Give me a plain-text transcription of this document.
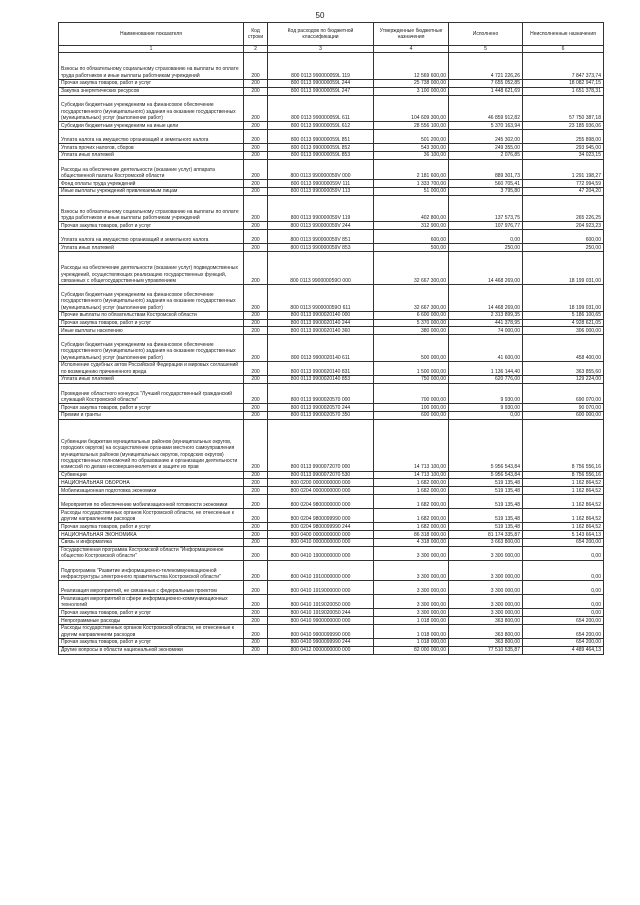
50
Наименование показателя	Код строки	Код расходов по бюджетной классификации	Утвержденные бюджетные назначения	Исполнено	Неисполненные назначения
1	2	3	4	5	6
Взносы по обязательному социальному страхованию на выплаты по оплате труда работников и иные выплаты работникам учреждений	200	800 0113 990000059L 119	12 569 600,00	4 721 226,26	7 847 373,74
Прочая закупка товаров, работ и услуг	200	800 0113 990000059L 244	25 738 000,00	7 655 052,85	18 082 947,15
Закупка энергетических ресурсов	200	800 0113 990000059L 247	3 100 000,00	1 448 621,69	1 651 378,31
Субсидии бюджетным учреждениям на финансовое обеспечение государственного (муниципального) задания на оказание государственных (муниципальных) услуг (выполнение работ)	200	800 0113 990000059L 611	104 609 300,00	46 859 912,82	57 750 387,18
Субсидии бюджетным учреждениям на иные цели	200	800 0113 990000059L 612	28 556 100,00	5 370 163,94	23 185 936,06
Уплата налога на имущество организаций и земельного налога	200	800 0113 990000059L 851	501 200,00	245 302,00	255 898,00
Уплата прочих налогов, сборов	200	800 0113 990000059L 852	543 300,00	249 355,00	293 945,00
Уплата иных платежей	200	800 0113 990000059L 853	36 100,00	2 076,85	34 023,15
Расходы на обеспечение деятельности (оказание услуг) аппарата общественной палаты Костромской области	200	800 0113 990000059V 000	2 181 600,00	889 301,73	1 291 198,27
Фонд оплаты труда учреждений	200	800 0113 990000059V 111	1 333 700,00	560 705,41	772 994,59
Иные выплаты учреждений привлекаемым лицам	200	800 0113 990000059V 113	51 000,00	3 795,80	47 204,20
Взносы по обязательному социальному страхованию на выплаты по оплате труда работников и иные выплаты работникам учреждений	200	800 0113 990000059V 119	402 800,00	137 573,75	265 226,25
Прочая закупка товаров, работ и услуг	200	800 0113 990000059V 244	312 900,00	107 976,77	204 923,23
Уплата налога на имущество организаций и земельного налога	200	800 0113 990000059V 851	600,00	0,00	600,00
Уплата иных платежей	200	800 0113 990000059V 853	500,00	250,00	250,00
Расходы на обеспечение деятельности (оказание услуг) подведомственных учреждений, осуществляющих реализацию государственных функций, связанных с общегосударственным управлением	200	800 0113 990000059О 000	32 667 300,00	14 468 269,00	18 199 031,00
Субсидии бюджетным учреждениям на финансовое обеспечение государственного (муниципального) задания на оказание государственных (муниципальных) услуг (выполнение работ)	200	800 0113 990000059О 611	32 667 300,00	14 468 269,00	18 199 031,00
Прочие выплаты по обязательствам Костромской области	200	800 0113 9900020140 000	6 600 000,00	2 313 899,35	5 186 100,65
Прочая закупка товаров, работ и услуг	200	800 0113 9900020140 244	5 370 000,00	441 378,95	4 928 621,05
Иные выплаты населению	200	800 0113 9900020140 360	380 000,00	74 000,00	306 000,00
Субсидии бюджетным учреждениям на финансовое обеспечение государственного (муниципального) задания на оказание государственных (муниципальных) услуг (выполнение работ)	200	800 0113 9900020140 611	500 000,00	41 600,00	458 400,00
Исполнение судебных актов Российской Федерации и мировых соглашений по возмещению причиненного вреда	200	800 0113 9900020140 831	1 500 000,00	1 136 144,40	363 855,60
Уплата иных платежей	200	800 0113 9900020140 853	750 000,00	620 776,00	129 224,00
Проведение областного конкурса "Лучший государственный гражданский служащий Костромской области"	200	800 0113 9900020570 000	700 000,00	9 930,00	690 070,00
Прочая закупка товаров, работ и услуг	200	800 0113 9900020570 244	100 000,00	9 930,00	90 070,00
Премии и гранты	200	800 0113 9900020570 350	600 000,00	0,00	600 000,00
Субвенции бюджетам муниципальных районов (муниципальных округов, городских округов) на осуществление органами местного самоуправления муниципальных районов (муниципальных округов, городских округов) государственных полномочий по образованию и организации деятельности комиссий по делам несовершеннолетних и защите их прав	200	800 0113 9900072070 000	14 713 100,00	5 956 543,84	8 756 556,16
Субвенции	200	800 0113 9900072070 530	14 713 100,00	5 956 543,84	8 756 556,16
НАЦИОНАЛЬНАЯ ОБОРОНА	200	800 0200 0000000000 000	1 682 000,00	519 135,48	1 162 864,52
Мобилизационная подготовка экономики	200	800 0204 0000000000 000	1 682 000,00	519 135,48	1 162 864,52
Мероприятия по обеспечению мобилизационной готовности экономики	200	800 0204 9800000000 000	1 682 000,00	519 135,48	1 162 864,52
Расходы государственных органов Костромской области, не отнесенные к другим направлениям расходов	200	800 0204 9800099990 000	1 682 000,00	519 135,48	1 162 864,52
Прочая закупка товаров, работ и услуг	200	800 0204 9800099990 244	1 682 000,00	519 135,48	1 162 864,52
НАЦИОНАЛЬНАЯ ЭКОНОМИКА	200	800 0400 0000000000 000	86 318 000,00	81 174 335,87	5 143 664,13
Связь и информатика	200	800 0410 0000000000 000	4 318 000,00	3 663 800,00	654 200,00
Государственная программа Костромской области "Информационное общество Костромской области"	200	800 0410 1900000000 000	3 300 000,00	3 300 000,00	0,00
Подпрограмма "Развитие информационно-телекоммуникационной инфраструктуры электронного правительства Костромской области"	200	800 0410 1910000000 000	3 300 000,00	3 300 000,00	0,00
Реализация мероприятий, не связанных с федеральным проектом	200	800 0410 1919000000 000	3 300 000,00	3 300 000,00	0,00
Реализация мероприятий в сфере информационно-коммуникационных технологий	200	800 0410 1919020050 000	3 300 000,00	3 300 000,00	0,00
Прочая закупка товаров, работ и услуг	200	800 0410 1919020050 244	3 300 000,00	3 300 000,00	0,00
Непрограммные расходы	200	800 0410 9900000000 000	1 018 000,00	363 800,00	654 200,00
Расходы государственных органов Костромской области, не отнесенные к другим направлениям расходов	200	800 0410 9900099990 000	1 018 000,00	363 800,00	654 200,00
Прочая закупка товаров, работ и услуг	200	800 0410 9900099990 244	1 018 000,00	363 800,00	654 200,00
Другие вопросы в области национальной экономики	200	800 0412 0000000000 000	82 000 000,00	77 510 535,87	4 489 464,13
